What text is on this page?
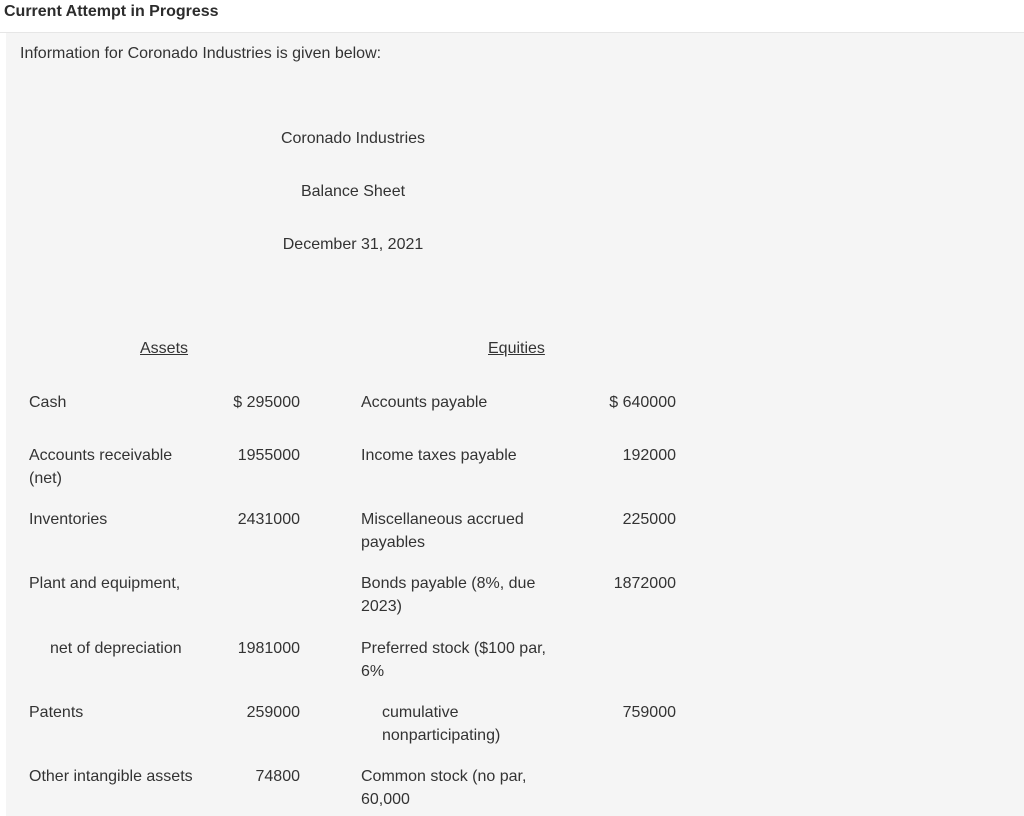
Current Attempt in Progress
Information for Coronado Industries is given below:
Coronado Industries
Balance Sheet
December 31, 2021
Assets	Equities
Cash
Accounts receivable (net)
Inventories
Plant and equipment,
net of depreciation
Patents
Other intangible assets
$ 295000
1955000
2431000
1981000
259000
74800
Accounts payable
Income taxes payable
Miscellaneous accrued payables
Bonds payable (8%, due 2023)
Preferred stock ($100 par, 6%
cumulative nonparticipating)
Common stock (no par, 60,000
$ 640000
192000
225000
1872000
759000
